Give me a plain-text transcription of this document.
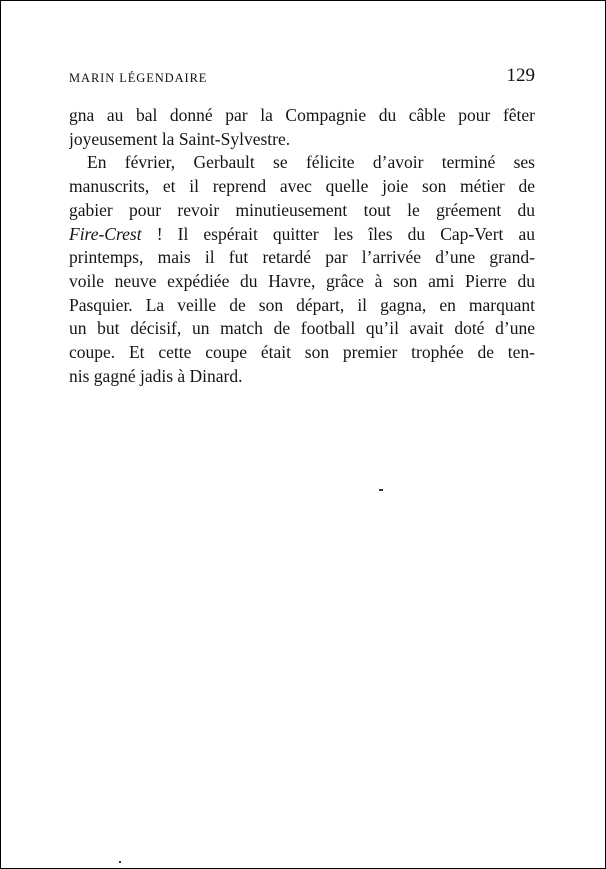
MARIN LÉGENDAIRE	129
gna au bal donné par la Compagnie du câble pour fêter
joyeusement la Saint-Sylvestre.
En février, Gerbault se félicite d’avoir terminé ses
manuscrits, et il reprend avec quelle joie son métier de
gabier pour revoir minutieusement tout le gréement du
Fire-Crest ! Il espérait quitter les îles du Cap-Vert au
printemps, mais il fut retardé par l’arrivée d’une grand-
voile neuve expédiée du Havre, grâce à son ami Pierre du
Pasquier. La veille de son départ, il gagna, en marquant
un but décisif, un match de football qu’il avait doté d’une
coupe. Et cette coupe était son premier trophée de ten-
nis gagné jadis à Dinard.
